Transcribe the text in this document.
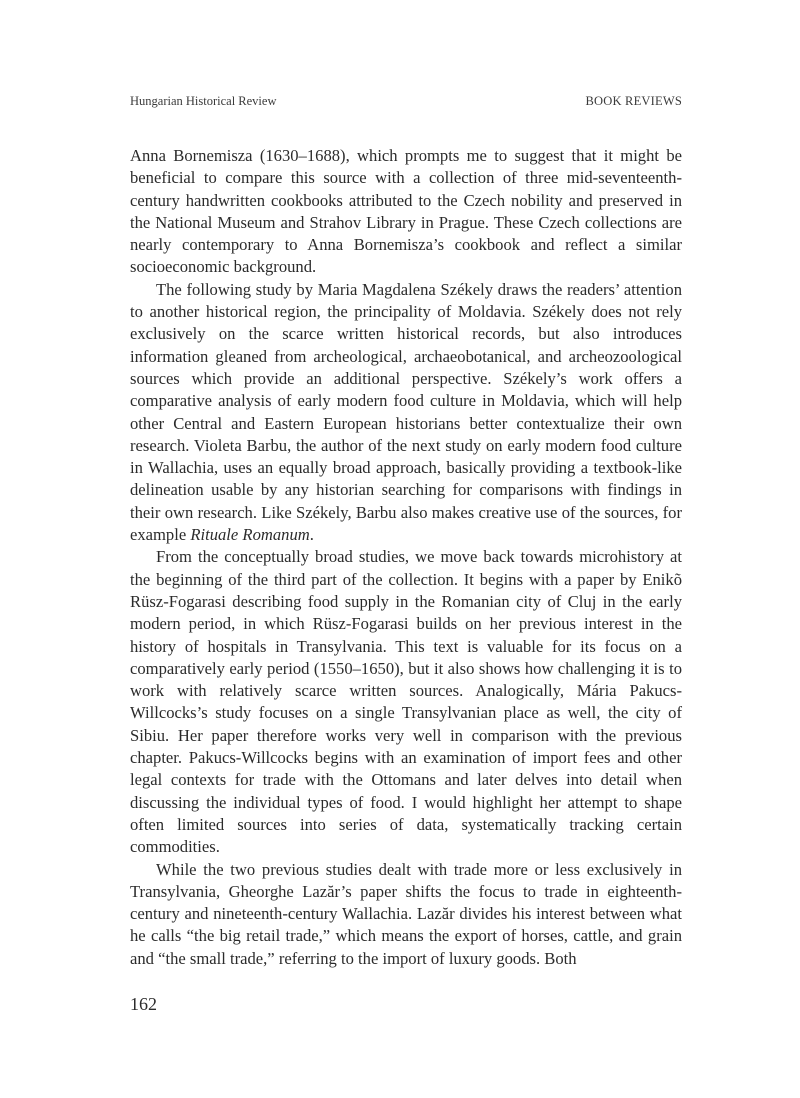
Hungarian Historical Review	BOOK REVIEWS

Anna Bornemisza (1630–1688), which prompts me to suggest that it might be beneficial to compare this source with a collection of three mid-seventeenth-century handwritten cookbooks attributed to the Czech nobility and preserved in the National Museum and Strahov Library in Prague. These Czech collections are nearly contemporary to Anna Bornemisza’s cookbook and reflect a similar socioeconomic background.

The following study by Maria Magdalena Székely draws the readers’ attention to another historical region, the principality of Moldavia. Székely does not rely exclusively on the scarce written historical records, but also introduces information gleaned from archeological, archaeobotanical, and archeozoological sources which provide an additional perspective. Székely’s work offers a comparative analysis of early modern food culture in Moldavia, which will help other Central and Eastern European historians better contextualize their own research. Violeta Barbu, the author of the next study on early modern food culture in Wallachia, uses an equally broad approach, basically providing a textbook-like delineation usable by any historian searching for comparisons with findings in their own research. Like Székely, Barbu also makes creative use of the sources, for example Rituale Romanum.

From the conceptually broad studies, we move back towards microhistory at the beginning of the third part of the collection. It begins with a paper by Enikõ Rüsz-Fogarasi describing food supply in the Romanian city of Cluj in the early modern period, in which Rüsz-Fogarasi builds on her previous interest in the history of hospitals in Transylvania. This text is valuable for its focus on a comparatively early period (1550–1650), but it also shows how challenging it is to work with relatively scarce written sources. Analogically, Mária Pakucs-Willcocks’s study focuses on a single Transylvanian place as well, the city of Sibiu. Her paper therefore works very well in comparison with the previous chapter. Pakucs-Willcocks begins with an examination of import fees and other legal contexts for trade with the Ottomans and later delves into detail when discussing the individual types of food. I would highlight her attempt to shape often limited sources into series of data, systematically tracking certain commodities.

While the two previous studies dealt with trade more or less exclusively in Transylvania, Gheorghe Lazăr’s paper shifts the focus to trade in eighteenth-century and nineteenth-century Wallachia. Lazăr divides his interest between what he calls “the big retail trade,” which means the export of horses, cattle, and grain and “the small trade,” referring to the import of luxury goods. Both

162
